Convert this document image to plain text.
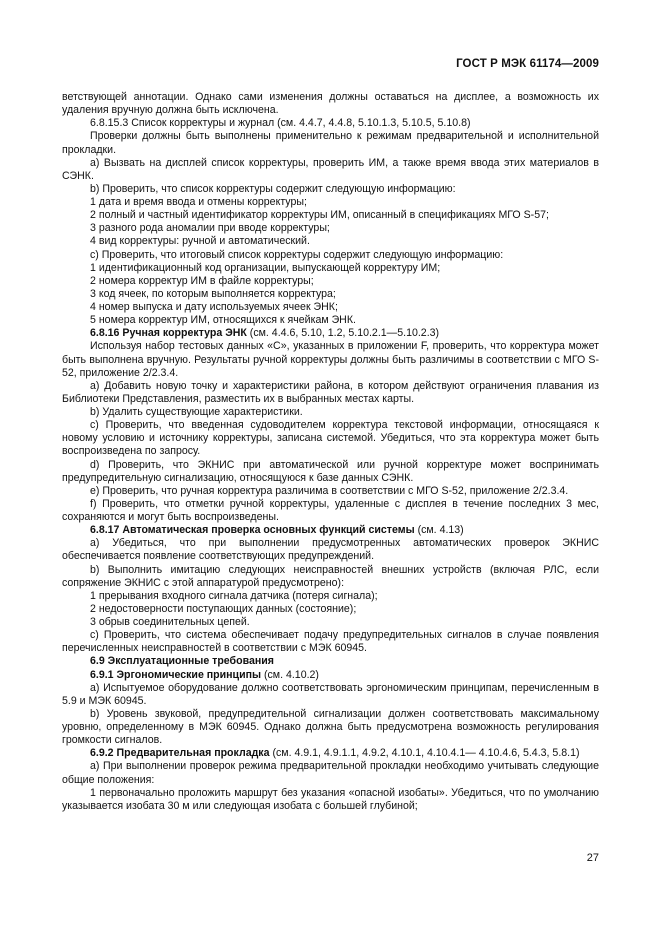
ГОСТ Р МЭК 61174—2009

ветствующей аннотации. Однако сами изменения должны оставаться на дисплее, а возможность их удаления вручную должна быть исключена.

6.8.15.3 Список корректуры и журнал (см. 4.4.7, 4.4.8, 5.10.1.3, 5.10.5, 5.10.8)

Проверки должны быть выполнены применительно к режимам предварительной и исполнительной прокладки.

а) Вызвать на дисплей список корректуры, проверить ИМ, а также время ввода этих материалов в СЭНК.

b) Проверить, что список корректуры содержит следующую информацию:

1 дата и время ввода и отмены корректуры;

2 полный и частный идентификатор корректуры ИМ, описанный в спецификациях МГО S-57;

3 разного рода аномалии при вводе корректуры;

4 вид корректуры: ручной и автоматический.

с) Проверить, что итоговый список корректуры содержит следующую информацию:

1 идентификационный код организации, выпускающей корректуру ИМ;

2 номера корректур ИМ в файле корректуры;

3 код ячеек, по которым выполняется корректура;

4 номер выпуска и дату используемых ячеек ЭНК;

5 номера корректур ИМ, относящихся к ячейкам ЭНК.

6.8.16 Ручная корректура ЭНК (см. 4.4.6, 5.10, 1.2, 5.10.2.1—5.10.2.3)

Используя набор тестовых данных «С», указанных в приложении F, проверить, что корректура может быть выполнена вручную. Результаты ручной корректуры должны быть различимы в соответствии с МГО S-52, приложение 2/2.3.4.

а) Добавить новую точку и характеристики района, в котором действуют ограничения плавания из Библиотеки Представления, разместить их в выбранных местах карты.

b) Удалить существующие характеристики.

с) Проверить, что введенная судоводителем корректура текстовой информации, относящаяся к новому условию и источнику корректуры, записана системой. Убедиться, что эта корректура может быть воспроизведена по запросу.

d) Проверить, что ЭКНИС при автоматической или ручной корректуре может воспринимать предупредительную сигнализацию, относящуюся к базе данных СЭНК.

е) Проверить, что ручная корректура различима в соответствии с МГО S-52, приложение 2/2.3.4.

f) Проверить, что отметки ручной корректуры, удаленные с дисплея в течение последних 3 мес, сохраняются и могут быть воспроизведены.

6.8.17 Автоматическая проверка основных функций системы (см. 4.13)

а) Убедиться, что при выполнении предусмотренных автоматических проверок ЭКНИС обеспечивается появление соответствующих предупреждений.

b) Выполнить имитацию следующих неисправностей внешних устройств (включая РЛС, если сопряжение ЭКНИС с этой аппаратурой предусмотрено):

1 прерывания входного сигнала датчика (потеря сигнала);

2 недостоверности поступающих данных (состояние);

3 обрыв соединительных цепей.

с) Проверить, что система обеспечивает подачу предупредительных сигналов в случае появления перечисленных неисправностей в соответствии с МЭК 60945.

6.9 Эксплуатационные требования

6.9.1 Эргономические принципы (см. 4.10.2)

а) Испытуемое оборудование должно соответствовать эргономическим принципам, перечисленным в 5.9 и МЭК 60945.

b) Уровень звуковой, предупредительной сигнализации должен соответствовать максимальному уровню, определенному в МЭК 60945. Однако должна быть предусмотрена возможность регулирования громкости сигналов.

6.9.2 Предварительная прокладка (см. 4.9.1, 4.9.1.1, 4.9.2, 4.10.1, 4.10.4.1— 4.10.4.6, 5.4.3, 5.8.1)

а) При выполнении проверок режима предварительной прокладки необходимо учитывать следующие общие положения:

1 первоначально проложить маршрут без указания «опасной изобаты». Убедиться, что по умолчанию указывается изобата 30 м или следующая изобата с большей глубиной;

27
